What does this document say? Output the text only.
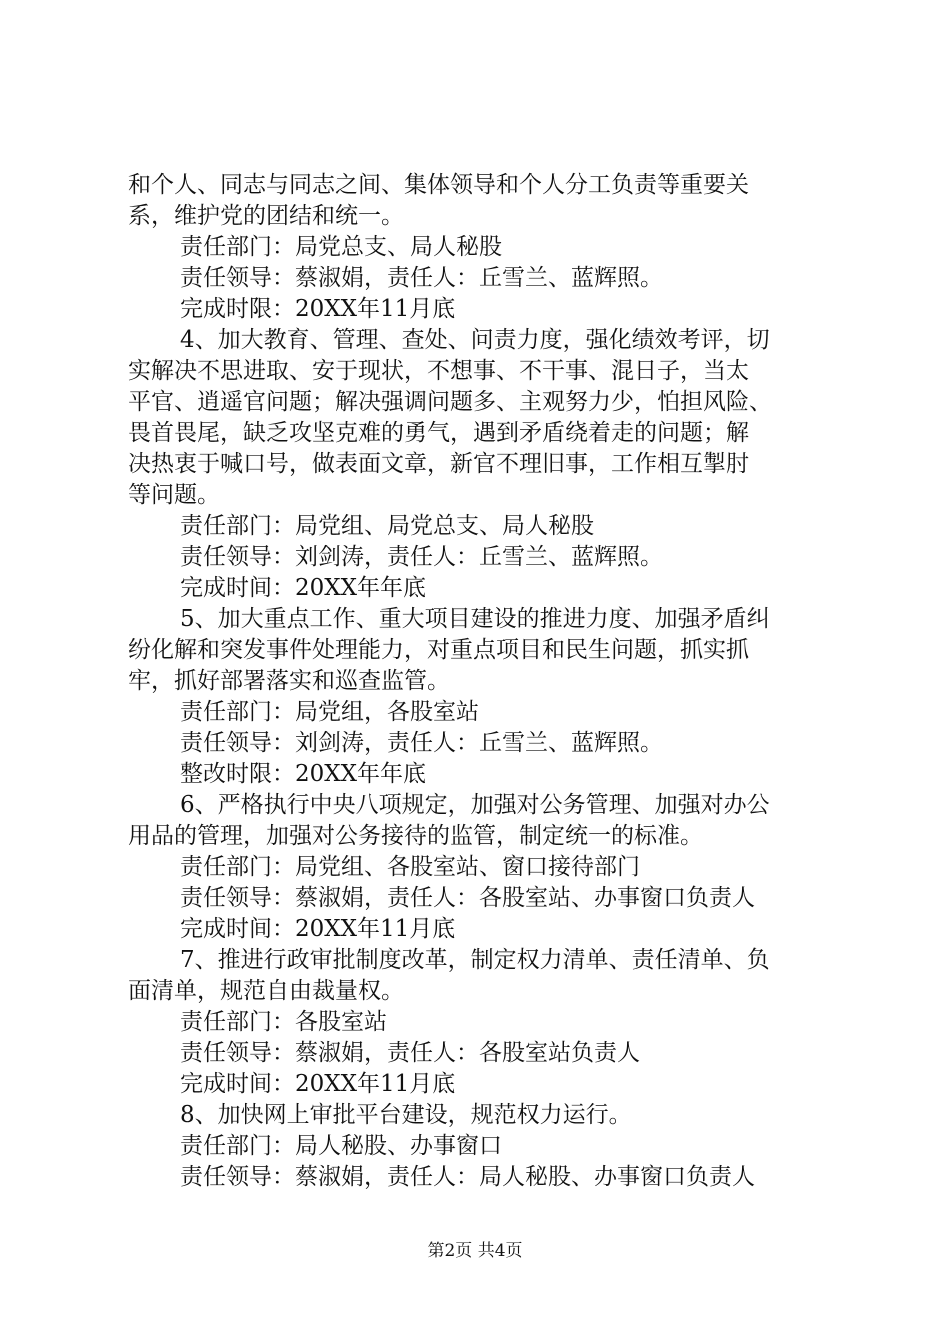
和个人、同志与同志之间、集体领导和个人分工负责等重要关
系，维护党的团结和统一。
责任部门：局党总支、局人秘股
责任领导：蔡淑娟，责任人：丘雪兰、蓝辉照。
完成时限：20XX年11月底
4、加大教育、管理、查处、问责力度，强化绩效考评，切
实解决不思进取、安于现状，不想事、不干事、混日子，当太
平官、逍遥官问题；解决强调问题多、主观努力少，怕担风险、
畏首畏尾，缺乏攻坚克难的勇气，遇到矛盾绕着走的问题；解
决热衷于喊口号，做表面文章，新官不理旧事，工作相互掣肘
等问题。
责任部门：局党组、局党总支、局人秘股
责任领导：刘剑涛，责任人：丘雪兰、蓝辉照。
完成时间：20XX年年底
5、加大重点工作、重大项目建设的推进力度、加强矛盾纠
纷化解和突发事件处理能力，对重点项目和民生问题，抓实抓
牢，抓好部署落实和巡查监管。
责任部门：局党组，各股室站
责任领导：刘剑涛，责任人：丘雪兰、蓝辉照。
整改时限：20XX年年底
6、严格执行中央八项规定，加强对公务管理、加强对办公
用品的管理，加强对公务接待的监管，制定统一的标准。
责任部门：局党组、各股室站、窗口接待部门
责任领导：蔡淑娟，责任人：各股室站、办事窗口负责人
完成时间：20XX年11月底
7、推进行政审批制度改革，制定权力清单、责任清单、负
面清单，规范自由裁量权。
责任部门：各股室站
责任领导：蔡淑娟，责任人：各股室站负责人
完成时间：20XX年11月底
8、加快网上审批平台建设，规范权力运行。
责任部门：局人秘股、办事窗口
责任领导：蔡淑娟，责任人：局人秘股、办事窗口负责人
第2页 共4页
